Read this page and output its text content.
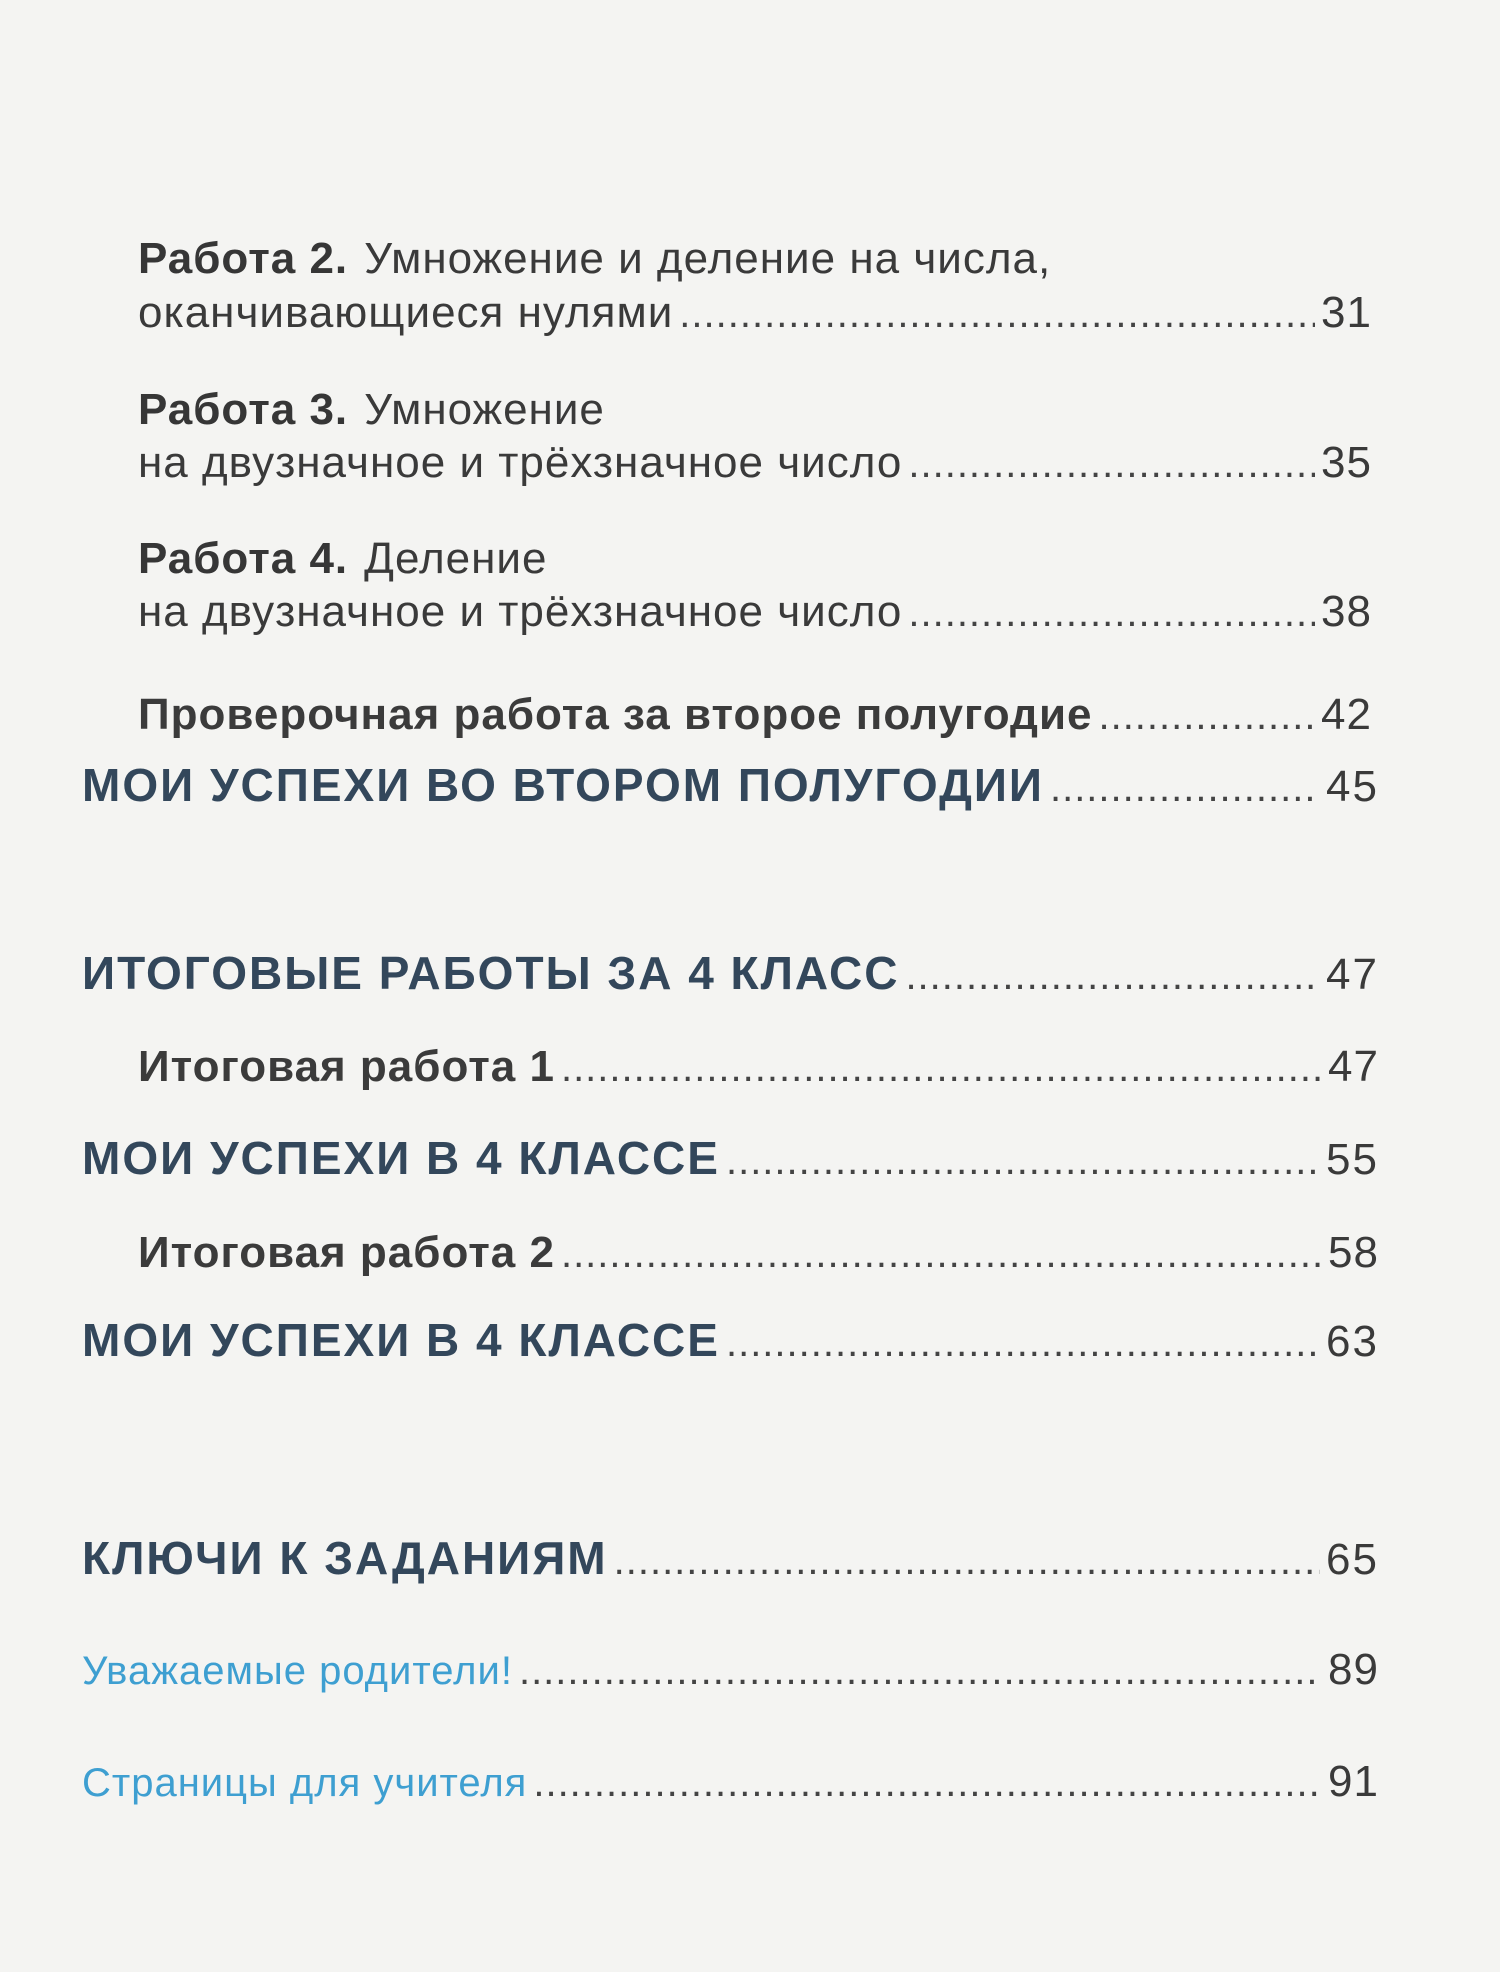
Работа 2. Умножение и деление на числа,
оканчивающиеся нулями .....	31
Работа 3. Умножение
на двузначное и трёхзначное число .....	35
Работа 4. Деление
на двузначное и трёхзначное число .....	38
Проверочная работа за второе полугодие .....	42
МОИ УСПЕХИ ВО ВТОРОМ ПОЛУГОДИИ .....	45
ИТОГОВЫЕ РАБОТЫ ЗА 4 КЛАСС .....	47
Итоговая работа 1 .....	47
МОИ УСПЕХИ В 4 КЛАССЕ .....	55
Итоговая работа 2 .....	58
МОИ УСПЕХИ В 4 КЛАССЕ .....	63
КЛЮЧИ К ЗАДАНИЯМ .....	65
Уважаемые родители! .....	89
Страницы для учителя .....	91
